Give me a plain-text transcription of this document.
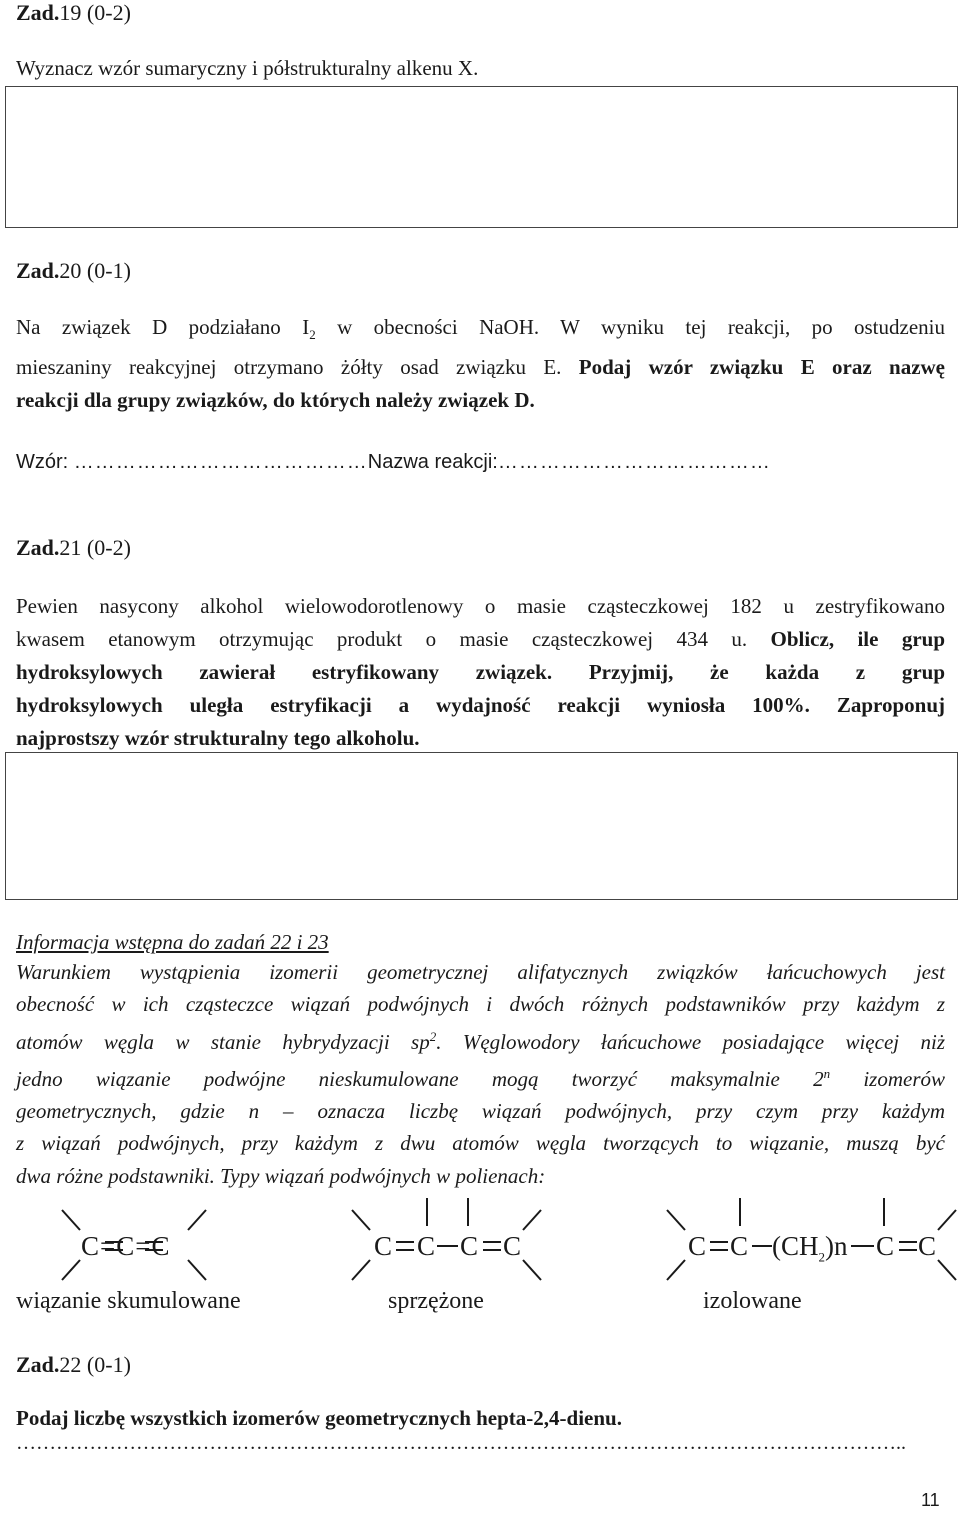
Zad.19 (0-2)
Wyznacz wzór sumaryczny i półstrukturalny alkenu X.
Zad.20 (0-1)
Na związek D podziałano $I_2$ w obecności NaOH. W wyniku tej reakcji, po ostudzeniu
mieszaniny reakcyjnej otrzymano żółty osad związku E. Podaj wzór związku E oraz nazwę
reakcji dla grupy związków, do których należy związek D.
Wzór: ……………………………………Nazwa reakcji:…………………………………
Zad.21 (0-2)
Pewien nasycony alkohol wielowodorotlenowy o masie cząsteczkowej 182 u zestryfikowano
kwasem etanowym otrzymując produkt o masie cząsteczkowej 434 u. Oblicz, ile grup
hydroksylowych zawierał estryfikowany związek. Przyjmij, że każda z grup
hydroksylowych uległa estryfikacji a wydajność reakcji wyniosła 100%. Zaproponuj
najprostszy wzór strukturalny tego alkoholu.
Informacja wstępna do zadań 22 i 23
Warunkiem wystąpienia izomerii geometrycznej alifatycznych związków łańcuchowych jest
obecność w ich cząsteczce wiązań podwójnych i dwóch różnych podstawników przy każdym z
atomów węgla w stanie hybrydyzacji $sp^2$. Węglowodory łańcuchowe posiadające więcej niż
jedno wiązanie podwójne nieskumulowane mogą tworzyć maksymalnie 2$^n$ izomerów
geometrycznych, gdzie n – oznacza liczbę wiązań podwójnych, przy czym przy każdym
z wiązań podwójnych, przy każdym z dwu atomów węgla tworzących to wiązanie, muszą być
dwa różne podstawniki. Typy wiązań podwójnych w polienach:
C=C=C
wiązanie skumulowane
C C C C
sprzężone
C C $(CH_2)n$ C C
izolowane
Zad.22 (0-1)
Podaj liczbę wszystkich izomerów geometrycznych hepta-2,4-dienu.
……………………………………………………………………………………………………………………..
11
